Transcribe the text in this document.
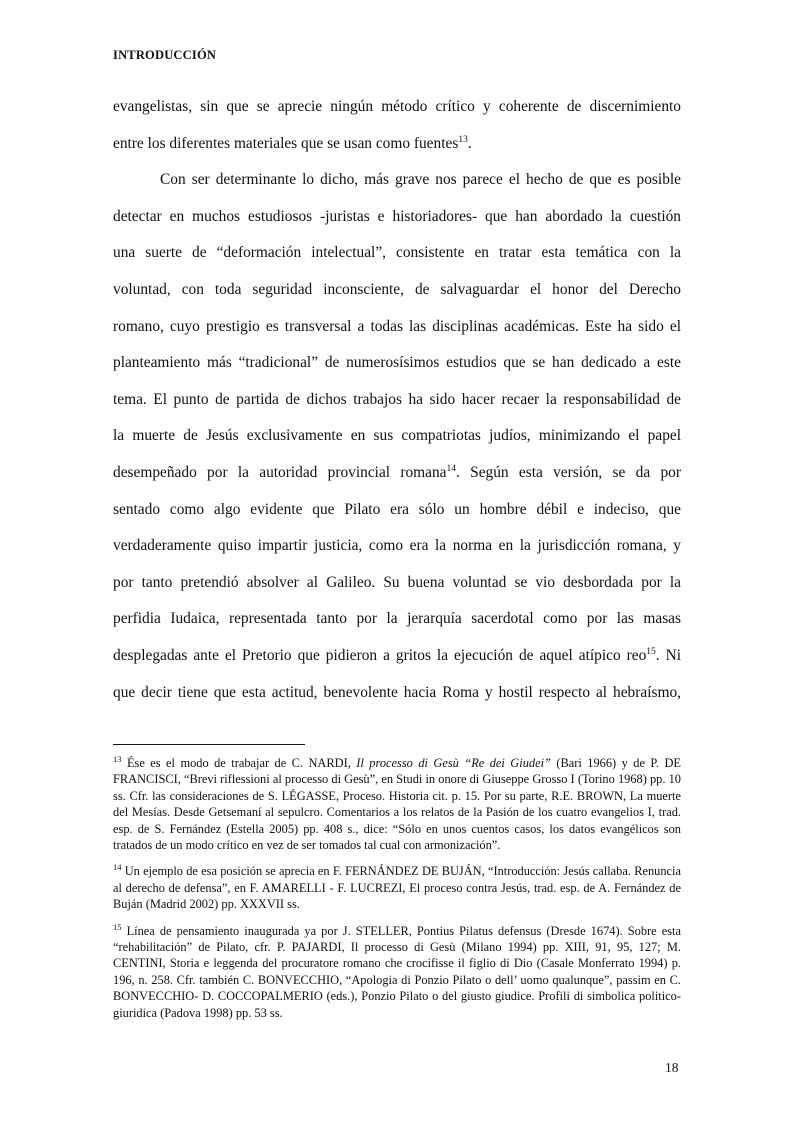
INTRODUCCIÓN
evangelistas, sin que se aprecie ningún método crítico y coherente de discernimiento
entre los diferentes materiales que se usan como fuentes$^{13}$.
Con ser determinante lo dicho, más grave nos parece el hecho de que es posible
detectar en muchos estudiosos -juristas e historiadores- que han abordado la cuestión
una suerte de “deformación intelectual”, consistente en tratar esta temática con la
voluntad, con toda seguridad inconsciente, de salvaguardar el honor del Derecho
romano, cuyo prestigio es transversal a todas las disciplinas académicas. Este ha sido el
planteamiento más “tradicional” de numerosísimos estudios que se han dedicado a este
tema. El punto de partida de dichos trabajos ha sido hacer recaer la responsabilidad de
la muerte de Jesús exclusivamente en sus compatriotas judíos, minimizando el papel
desempeñado por la autoridad provincial romana$^{14}$. Según esta versión, se da por
sentado como algo evidente que Pilato era sólo un hombre débil e indeciso, que
verdaderamente quiso impartir justicia, como era la norma en la jurisdicción romana, y
por tanto pretendió absolver al Galileo. Su buena voluntad se vio desbordada por la
perfidia Iudaica, representada tanto por la jerarquía sacerdotal como por las masas
desplegadas ante el Pretorio que pidieron a gritos la ejecución de aquel atípico reo$^{15}$. Ni
que decir tiene que esta actitud, benevolente hacia Roma y hostil respecto al hebraísmo,

$^{13}$ Ése es el modo de trabajar de C. NARDI, Il processo di Gesù “Re dei Giudei” (Bari 1966) y de P. DE FRANCISCI, “Brevi riflessioni al processo di Gesù”, en Studi in onore di Giuseppe Grosso I (Torino 1968) pp. 10 ss. Cfr. las consideraciones de S. LÉGASSE, Proceso. Historia cit. p. 15. Por su parte, R.E. BROWN, La muerte del Mesías. Desde Getsemaní al sepulcro. Comentarios a los relatos de la Pasión de los cuatro evangelios I, trad. esp. de S. Fernández (Estella 2005) pp. 408 s., dice: “Sólo en unos cuentos casos, los datos evangélicos son tratados de un modo crítico en vez de ser tomados tal cual con armonización”.

$^{14}$ Un ejemplo de esa posición se aprecia en F. FERNÁNDEZ DE BUJÁN, “Introducción: Jesús callaba. Renuncia al derecho de defensa”, en F. AMARELLI - F. LUCREZI, El proceso contra Jesús, trad. esp. de A. Fernández de Buján (Madrid 2002) pp. XXXVII ss.

$^{15}$ Línea de pensamiento inaugurada ya por J. STELLER, Pontius Pilatus defensus (Dresde 1674). Sobre esta “rehabilitación” de Pilato, cfr. P. PAJARDI, Il processo di Gesù (Milano 1994) pp. XIII, 91, 95, 127; M. CENTINI, Storia e leggenda del procuratore romano che crocifisse il figlio di Dio (Casale Monferrato 1994) p. 196, n. 258. Cfr. también C. BONVECCHIO, “Apologia di Ponzio Pilato o dell’ uomo qualunque”, passim en C. BONVECCHIO- D. COCCOPALMERIO (eds.), Ponzio Pilato o del giusto giudice. Profili di simbolica politico-giuridica (Padova 1998) pp. 53 ss.

18
